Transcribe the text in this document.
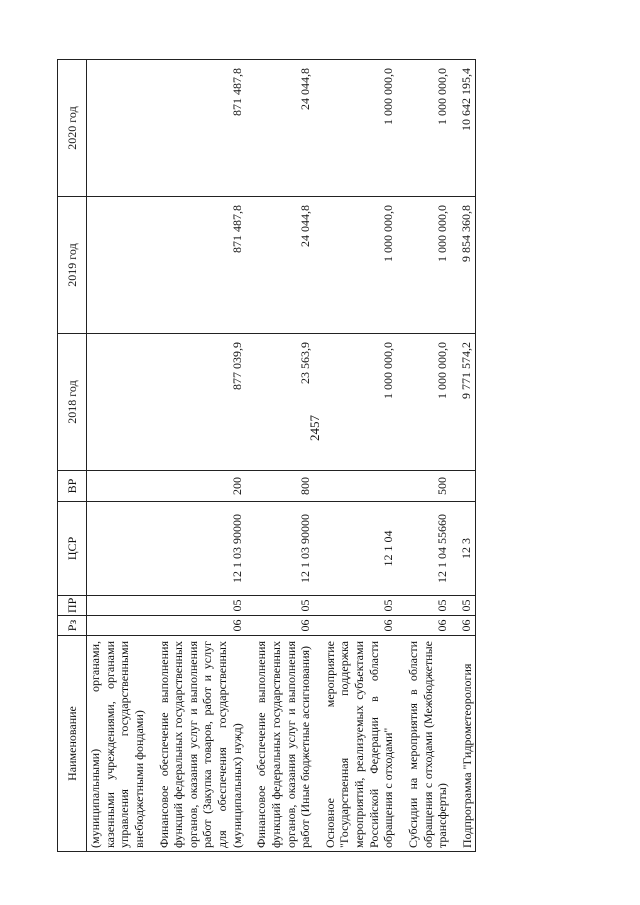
2457
Наименование	Рз	ПР	ЦСР	ВР	2018 год	2019 год	2020 год
(муниципальными) органами, казенными учреждениями, органами управления государственными внебюджетными фондами)							
Финансовое обеспечение выполнения функций федеральных государственных органов, оказания услуг и выполнения работ (Закупка товаров, работ и услуг для обеспечения государственных (муниципальных) нужд)	06	05	12 1 03 90000	200	877 039,9	871 487,8	871 487,8
Финансовое обеспечение выполнения функций федеральных государственных органов, оказания услуг и выполнения работ (Иные бюджетные ассигнования)	06	05	12 1 03 90000	800	23 563,9	24 044,8	24 044,8
Основное мероприятие "Государственная поддержка мероприятий, реализуемых субъектами Российской Федерации в области обращения с отходами"	06	05	12 1 04		1 000 000,0	1 000 000,0	1 000 000,0
Субсидии на мероприятия в области обращения с отходами (Межбюджетные трансферты)	06	05	12 1 04 55660	500	1 000 000,0	1 000 000,0	1 000 000,0
Подпрограмма "Гидрометеорология	06	05	12 3		9 771 574,2	9 854 360,8	10 642 195,4
